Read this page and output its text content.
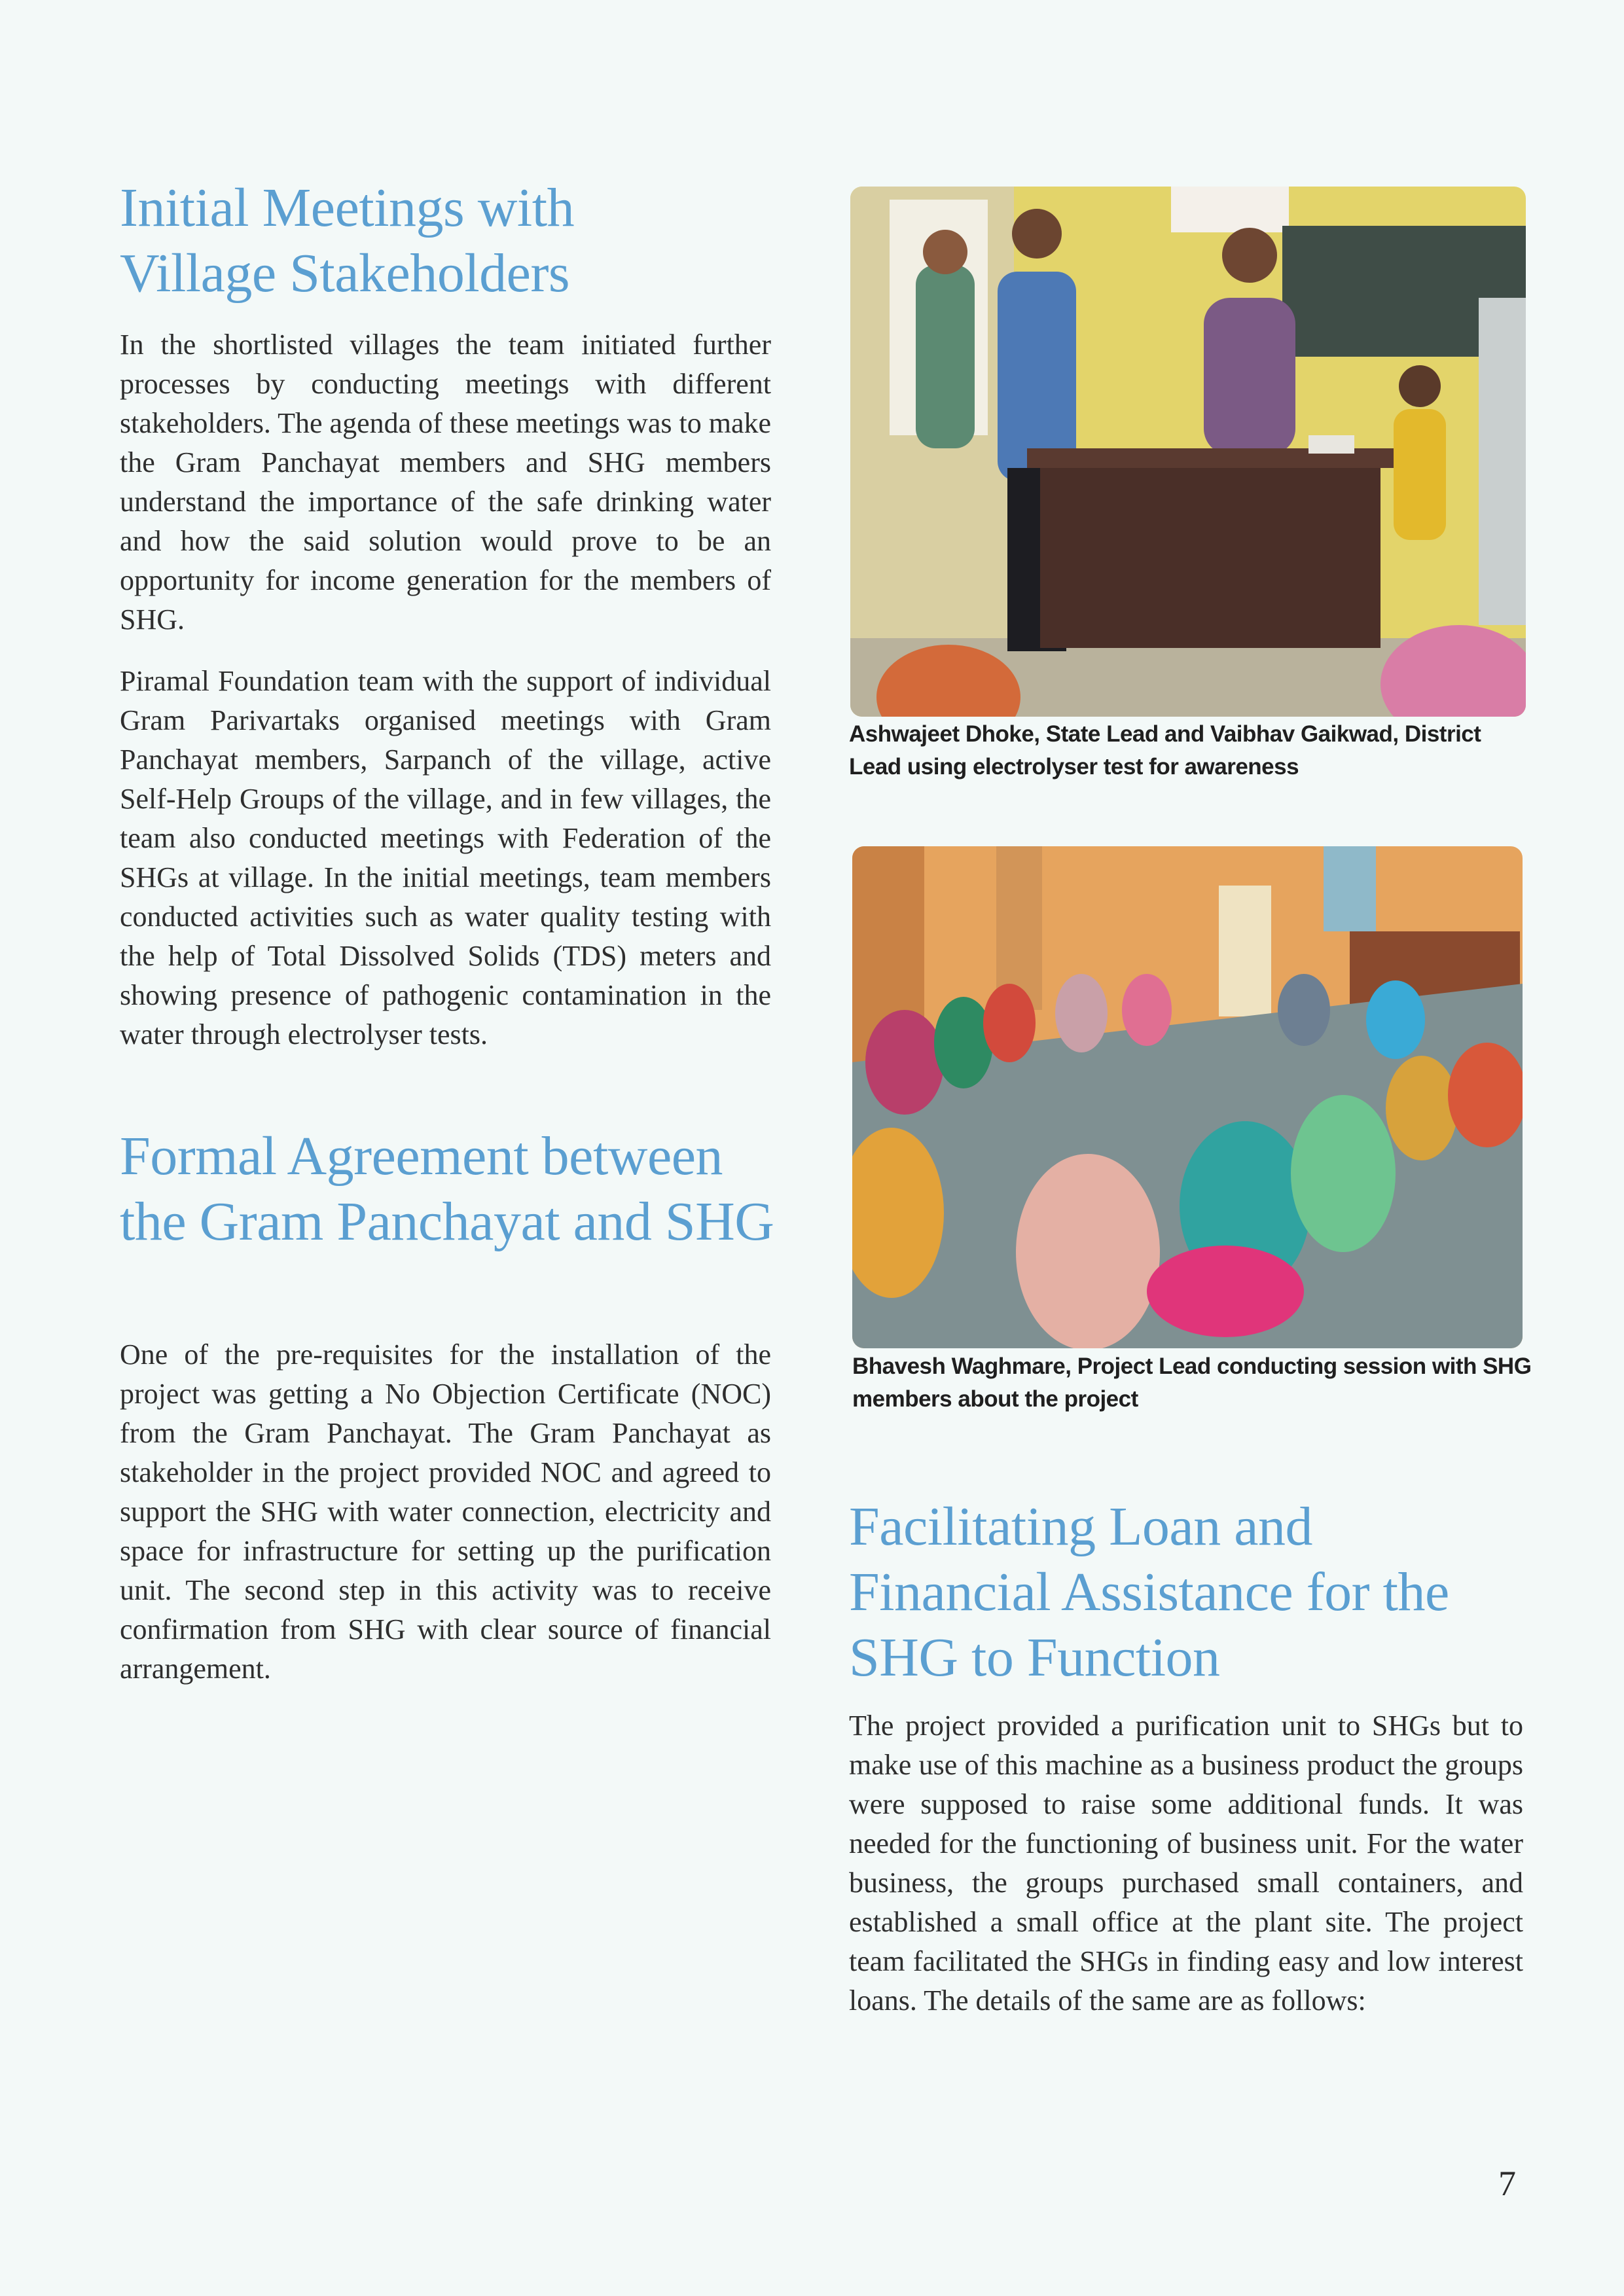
Initial Meetings with Village Stakeholders

In the shortlisted villages the team initiated further processes by conducting meetings with different stakeholders. The agenda of these meetings was to make the Gram Panchayat members and SHG members understand the importance of the safe drinking water and how the said solution would prove to be an opportunity for income generation for the members of SHG.

Piramal Foundation team with the support of individual Gram Parivartaks organised meetings with Gram Panchayat members, Sarpanch of the village, active Self-Help Groups of the village, and in few villages, the team also conducted meetings with Federation of the SHGs at village. In the initial meetings, team members conducted activities such as water quality testing with the help of Total Dissolved Solids (TDS) meters and showing presence of pathogenic contamination in the water through electrolyser tests.

Formal Agreement between the Gram Panchayat and SHG

One of the pre-requisites for the installation of the project was getting a No Objection Certificate (NOC) from the Gram Panchayat. The Gram Panchayat as stakeholder in the project provided NOC and agreed to support the SHG with water connection, electricity and space for infrastructure for setting up the purification unit. The second step in this activity was to receive confirmation from SHG with clear source of financial arrangement.

Ashwajeet Dhoke, State Lead and Vaibhav Gaikwad, District Lead using electrolyser test for awareness

Bhavesh Waghmare, Project Lead conducting session with SHG members about the project

Facilitating Loan and Financial Assistance for the SHG to Function

The project provided a purification unit to SHGs but to make use of this machine as a business product the groups were supposed to raise some additional funds. It was needed for the functioning of business unit. For the water business, the groups purchased small containers, and established a small office at the plant site. The project team facilitated the SHGs in finding easy and low interest loans. The details of the same are as follows:

7
